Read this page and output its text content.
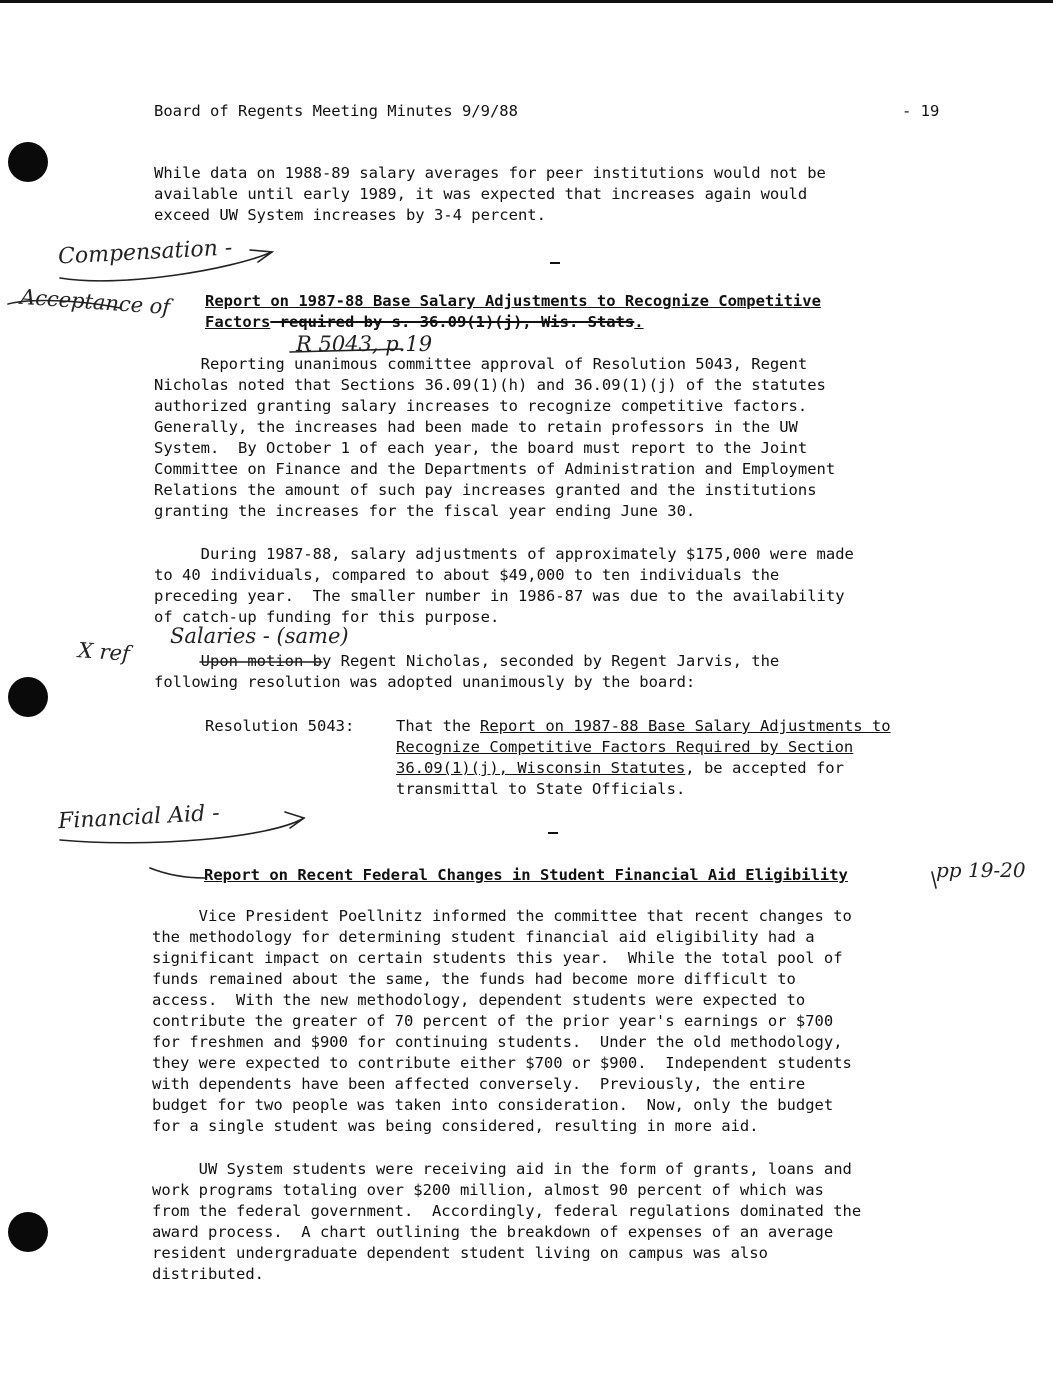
Board of Regents Meeting Minutes 9/9/88	- 19
While data on 1988-89 salary averages for peer institutions would not be
available until early 1989, it was expected that increases again would
exceed UW System increases by 3-4 percent.
Report on 1987-88 Base Salary Adjustments to Recognize Competitive
Factors required by s. 36.09(1)(j), Wis. Stats.
Reporting unanimous committee approval of Resolution 5043, Regent
Nicholas noted that Sections 36.09(1)(h) and 36.09(1)(j) of the statutes
authorized granting salary increases to recognize competitive factors.
Generally, the increases had been made to retain professors in the UW
System.  By October 1 of each year, the board must report to the Joint
Committee on Finance and the Departments of Administration and Employment
Relations the amount of such pay increases granted and the institutions
granting the increases for the fiscal year ending June 30.
During 1987-88, salary adjustments of approximately $175,000 were made
to 40 individuals, compared to about $49,000 to ten individuals the
preceding year.  The smaller number in 1986-87 was due to the availability
of catch-up funding for this purpose.
Upon motion by Regent Nicholas, seconded by Regent Jarvis, the
following resolution was adopted unanimously by the board:
Resolution 5043:	That the Report on 1987-88 Base Salary Adjustments to
Recognize Competitive Factors Required by Section
36.09(1)(j), Wisconsin Statutes, be accepted for
transmittal to State Officials.
Report on Recent Federal Changes in Student Financial Aid Eligibility
Vice President Poellnitz informed the committee that recent changes to
the methodology for determining student financial aid eligibility had a
significant impact on certain students this year.  While the total pool of
funds remained about the same, the funds had become more difficult to
access.  With the new methodology, dependent students were expected to
contribute the greater of 70 percent of the prior year's earnings or $700
for freshmen and $900 for continuing students.  Under the old methodology,
they were expected to contribute either $700 or $900.  Independent students
with dependents have been affected conversely.  Previously, the entire
budget for two people was taken into consideration.  Now, only the budget
for a single student was being considered, resulting in more aid.
UW System students were receiving aid in the form of grants, loans and
work programs totaling over $200 million, almost 90 percent of which was
from the federal government.  Accordingly, federal regulations dominated the
award process.  A chart outlining the breakdown of expenses of an average
resident undergraduate dependent student living on campus was also
distributed.
Compensation -
Acceptance of
R 5043, p.19
X ref
Salaries - (same)
Financial Aid -
pp 19-20
